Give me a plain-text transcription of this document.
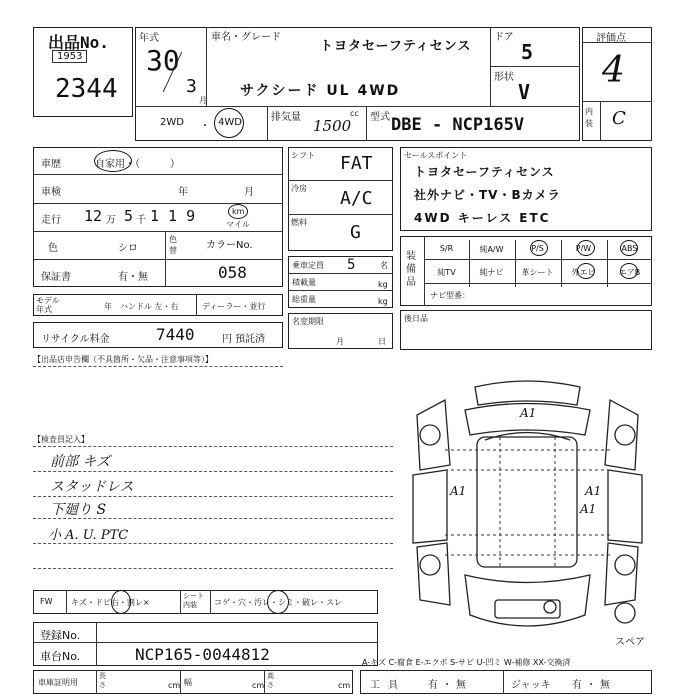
出品No.
1953
2344
年式
30
3
月
車名・グレード
トヨタセーフティセンス
サクシード UL 4WD
ドア
5
形状
V
2WD ・ 4WD	排気量 1500
cc 型式 DBE - NCP165V
評価点
4
内装 C
車歴	自家用・（　　　）
車検	年	月
走行 12 万 5 千 1 1 9	km
マイル
色	シロ
色替	カラーNo.
保証書	有・無	058
モデル年式	年 ハンドル 左・右	ディーラー・並行
リサイクル料金	7440	円 預託済
シフト FAT
冷房 A/C
燃料 G
乗車定員 5	名
積載量	kg
総重量	kg
名変期限
月	日
セールスポイント
トヨタセーフティセンス
社外ナビ・TV・Bカメラ
4WD キーレス ETC
装備品
S/R	純A/W	P/S	P/W	ABS
純TV	純ナビ	革シート	外エビ	エアB
ナビ型番：
後日品
【出品店申告欄（不具箇所・欠品・注意事項等）】
【検査員記入】
前部 キズ
スタッドレス
下廻り S
小 A. U. PTC
FW キズ・ドビ右・割レ×
シート内装	コゲ・穴・汚レ・シミ・破レ・スレ
登録No.
車台No.	NCP165-0044812
車庫証明用
長さ	cm 幅	cm
高さ	cm
A-キズ C-腐食 E-エクボ S-サビ U-凹ミ W-補修 XX-交換済
工具 有・無	ジャッキ 有・無
A1
A1	A1
A1
スペア
